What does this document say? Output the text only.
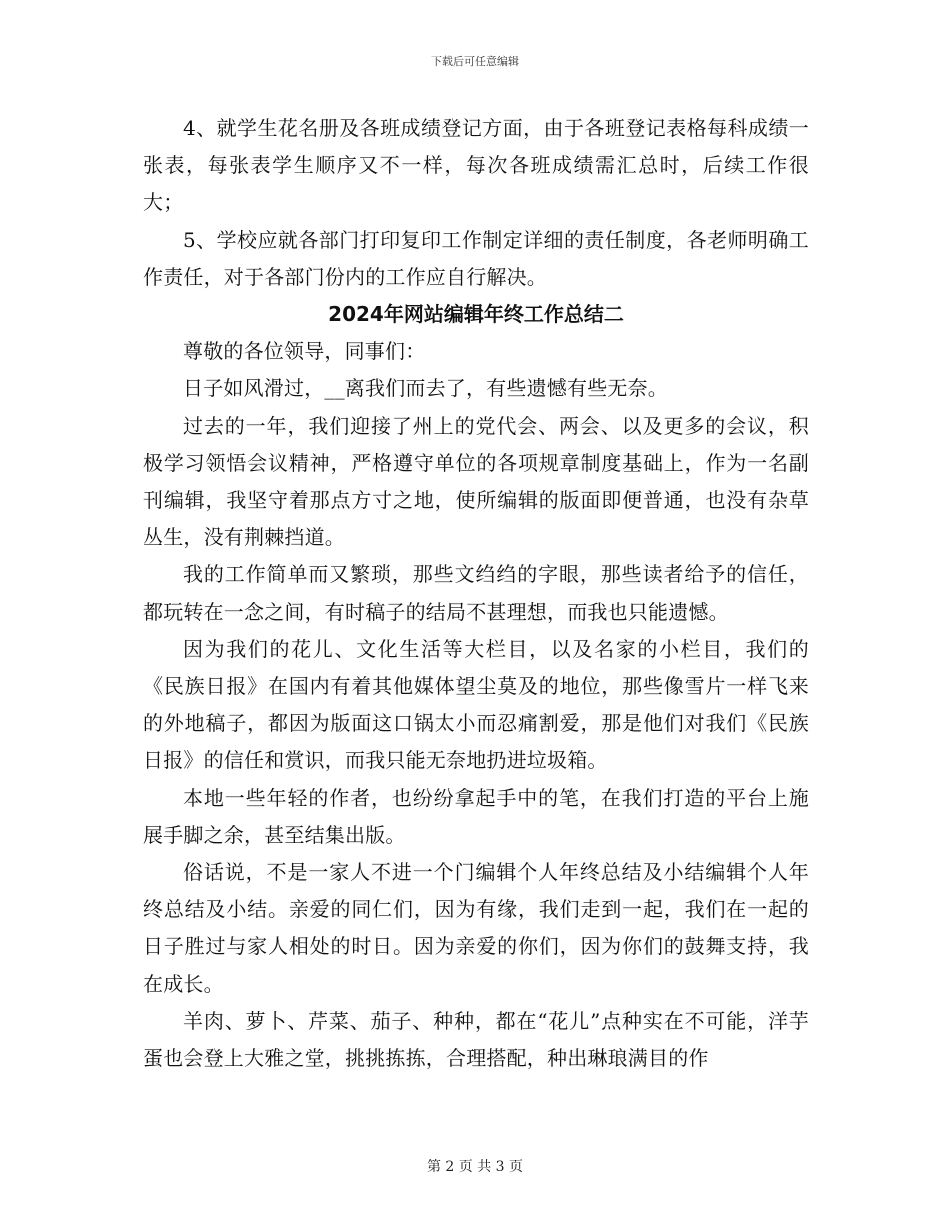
下载后可任意编辑

4、就学生花名册及各班成绩登记方面，由于各班登记表格每科成绩一张表，每张表学生顺序又不一样，每次各班成绩需汇总时，后续工作很大；

5、学校应就各部门打印复印工作制定详细的责任制度，各老师明确工作责任，对于各部门份内的工作应自行解决。

2024年网站编辑年终工作总结二

尊敬的各位领导，同事们：

日子如风滑过，__离我们而去了，有些遗憾有些无奈。

过去的一年，我们迎接了州上的党代会、两会、以及更多的会议，积极学习领悟会议精神，严格遵守单位的各项规章制度基础上，作为一名副刊编辑，我坚守着那点方寸之地，使所编辑的版面即便普通，也没有杂草丛生，没有荆棘挡道。

我的工作简单而又繁琐，那些文绉绉的字眼，那些读者给予的信任，都玩转在一念之间，有时稿子的结局不甚理想，而我也只能遗憾。

因为我们的花儿、文化生活等大栏目，以及名家的小栏目，我们的《民族日报》在国内有着其他媒体望尘莫及的地位，那些像雪片一样飞来的外地稿子，都因为版面这口锅太小而忍痛割爱，那是他们对我们《民族日报》的信任和赏识，而我只能无奈地扔进垃圾箱。

本地一些年轻的作者，也纷纷拿起手中的笔，在我们打造的平台上施展手脚之余，甚至结集出版。

俗话说，不是一家人不进一个门编辑个人年终总结及小结编辑个人年终总结及小结。亲爱的同仁们，因为有缘，我们走到一起，我们在一起的日子胜过与家人相处的时日。因为亲爱的你们，因为你们的鼓舞支持，我在成长。

羊肉、萝卜、芹菜、茄子、种种，都在“花儿”点种实在不可能，洋芋蛋也会登上大雅之堂，挑挑拣拣，合理搭配，种出琳琅满目的作

第 2 页 共 3 页
